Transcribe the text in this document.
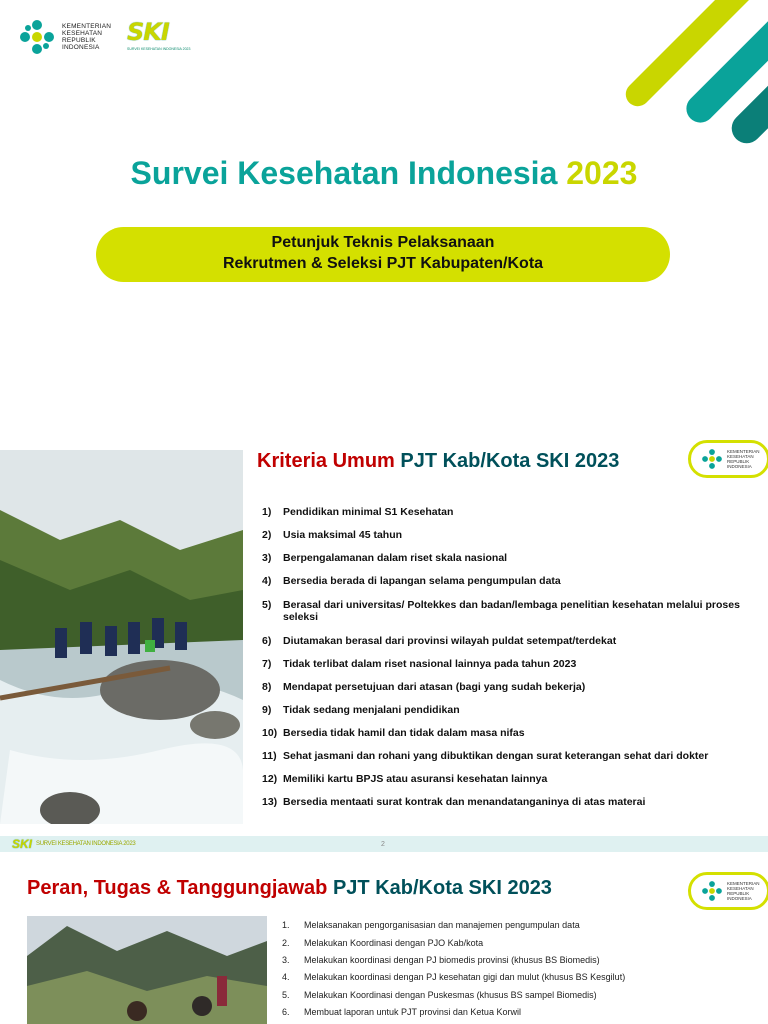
KEMENTERIAN
KESEHATAN
REPUBLIK
INDONESIA
SKI
SURVEI KESEHATAN INDONESIA 2023
Survei Kesehatan Indonesia 2023
Petunjuk Teknis Pelaksanaan
Rekrutmen & Seleksi PJT Kabupaten/Kota
Kriteria Umum PJT Kab/Kota SKI 2023	KEMENTERIAN
KESEHATAN
REPUBLIK
INDONESIA
1)	Pendidikan minimal S1 Kesehatan
2)	Usia maksimal 45 tahun
3)	Berpengalamanan dalam riset skala nasional
4)	Bersedia berada di lapangan selama pengumpulan data
5)	Berasal dari universitas/ Poltekkes dan badan/lembaga penelitian kesehatan melalui proses seleksi
6)	Diutamakan berasal dari provinsi wilayah puldat setempat/terdekat
7)	Tidak terlibat dalam riset nasional lainnya pada tahun 2023
8)	Mendapat persetujuan dari atasan (bagi yang sudah bekerja)
9)	Tidak sedang menjalani pendidikan
10) Bersedia tidak hamil dan tidak dalam masa nifas
11) Sehat jasmani dan rohani yang dibuktikan dengan surat keterangan sehat dari dokter
12) Memiliki kartu BPJS atau asuransi kesehatan lainnya
13) Bersedia mentaati surat kontrak dan menandatanganinya di atas materai
SKI SURVEI KESEHATAN INDONESIA 2023	2
Peran, Tugas & Tanggungjawab PJT Kab/Kota SKI 2023	KEMENTERIAN
KESEHATAN
REPUBLIK
INDONESIA
1.	Melaksanakan pengorganisasian dan manajemen pengumpulan data
2.	Melakukan Koordinasi dengan PJO Kab/kota
3.	Melakukan koordinasi dengan PJ biomedis provinsi (khusus BS Biomedis)
4.	Melakukan koordinasi dengan PJ kesehatan gigi dan mulut (khusus BS Kesgilut)
5.	Melakukan Koordinasi dengan Puskesmas (khusus BS sampel Biomedis)
6.	Membuat laporan untuk PJT provinsi dan Ketua Korwil
